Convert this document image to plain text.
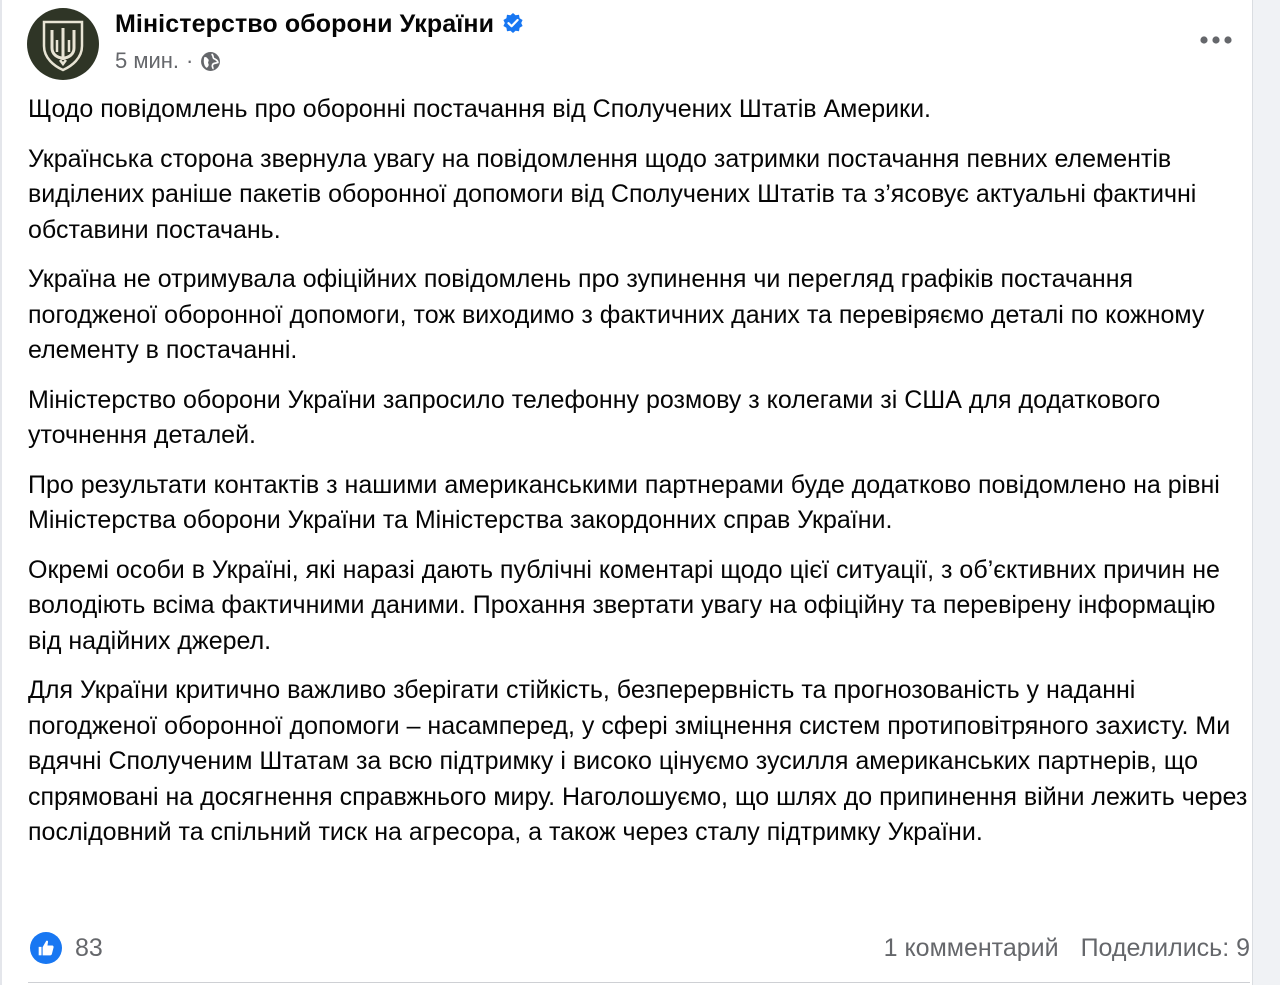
Міністерство оборони України
5 мин. ·

Щодо повідомлень про оборонні постачання від Сполучених Штатів Америки.

Українська сторона звернула увагу на повідомлення щодо затримки постачання певних елементів виділених раніше пакетів оборонної допомоги від Сполучених Штатів та з’ясовує актуальні фактичні обставини постачань.

Україна не отримувала офіційних повідомлень про зупинення чи перегляд графіків постачання погодженої оборонної допомоги, тож виходимо з фактичних даних та перевіряємо деталі по кожному елементу в постачанні.

Міністерство оборони України запросило телефонну розмову з колегами зі США для додаткового уточнення деталей.

Про результати контактів з нашими американськими партнерами буде додатково повідомлено на рівні Міністерства оборони України та Міністерства закордонних справ України.

Окремі особи в Україні, які наразі дають публічні коментарі щодо цієї ситуації, з об’єктивних причин не володіють всіма фактичними даними. Прохання звертати увагу на офіційну та перевірену інформацію від надійних джерел.

Для України критично важливо зберігати стійкість, безперервність та прогнозованість у наданні погодженої оборонної допомоги – насамперед, у сфері зміцнення систем протиповітряного захисту. Ми вдячні Сполученим Штатам за всю підтримку і високо цінуємо зусилля американських партнерів, що спрямовані на досягнення справжнього миру. Наголошуємо, що шлях до припинення війни лежить через послідовний та спільний тиск на агресора, а також через сталу підтримку України.

83	1 комментарий Поделились: 9
